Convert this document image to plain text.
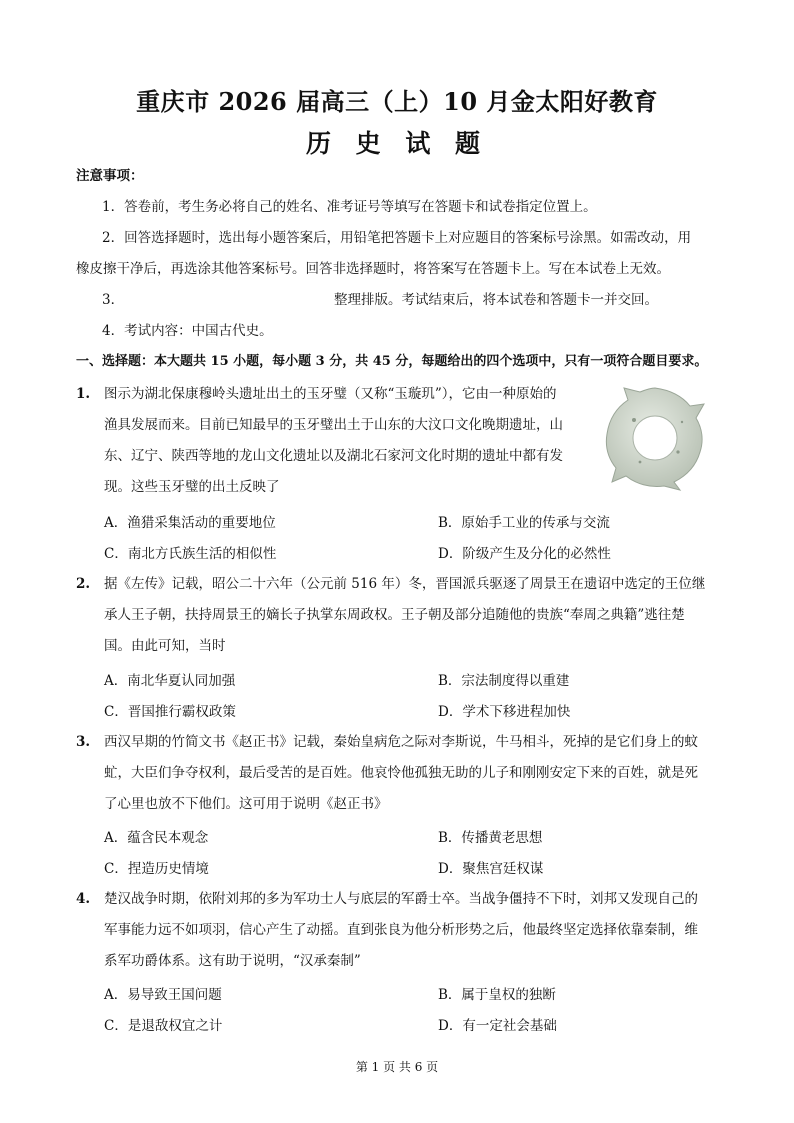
重庆市 2026 届高三（上）10 月金太阳好教育
历 史 试 题
注意事项：
1．答卷前，考生务必将自己的姓名、准考证号等填写在答题卡和试卷指定位置上。
2．回答选择题时，选出每小题答案后，用铅笔把答题卡上对应题目的答案标号涂黑。如需改动，用
橡皮擦干净后，再选涂其他答案标号。回答非选择题时，将答案写在答题卡上。写在本试卷上无效。
3．	整理排版。考试结束后，将本试卷和答题卡一并交回。
4．考试内容：中国古代史。
一、选择题：本大题共 15 小题，每小题 3 分，共 45 分，每题给出的四个选项中，只有一项符合题目要求。
1. 图示为湖北保康穆岭头遗址出土的玉牙璧（又称“玉璇玑”），它由一种原始的
渔具发展而来。目前已知最早的玉牙璧出土于山东的大汶口文化晚期遗址，山
东、辽宁、陕西等地的龙山文化遗址以及湖北石家河文化时期的遗址中都有发
现。这些玉牙璧的出土反映了
A．渔猎采集活动的重要地位	B．原始手工业的传承与交流
C．南北方氏族生活的相似性	D．阶级产生及分化的必然性
2. 据《左传》记载，昭公二十六年（公元前 516 年）冬，晋国派兵驱逐了周景王在遗诏中选定的王位继
承人王子朝，扶持周景王的嫡长子执掌东周政权。王子朝及部分追随他的贵族“奉周之典籍”逃往楚
国。由此可知，当时
A．南北华夏认同加强	B．宗法制度得以重建
C．晋国推行霸权政策	D．学术下移进程加快
3. 西汉早期的竹简文书《赵正书》记载，秦始皇病危之际对李斯说，牛马相斗，死掉的是它们身上的蚊
虻，大臣们争夺权利，最后受苦的是百姓。他哀怜他孤独无助的儿子和刚刚安定下来的百姓，就是死
了心里也放不下他们。这可用于说明《赵正书》
A．蕴含民本观念	B．传播黄老思想
C．捏造历史情境	D．聚焦宫廷权谋
4. 楚汉战争时期，依附刘邦的多为军功士人与底层的军爵士卒。当战争僵持不下时，刘邦又发现自己的
军事能力远不如项羽，信心产生了动摇。直到张良为他分析形势之后，他最终坚定选择依靠秦制，维
系军功爵体系。这有助于说明，“汉承秦制”
A．易导致王国问题	B．属于皇权的独断
C．是退敌权宜之计	D．有一定社会基础
第 1 页 共 6 页
